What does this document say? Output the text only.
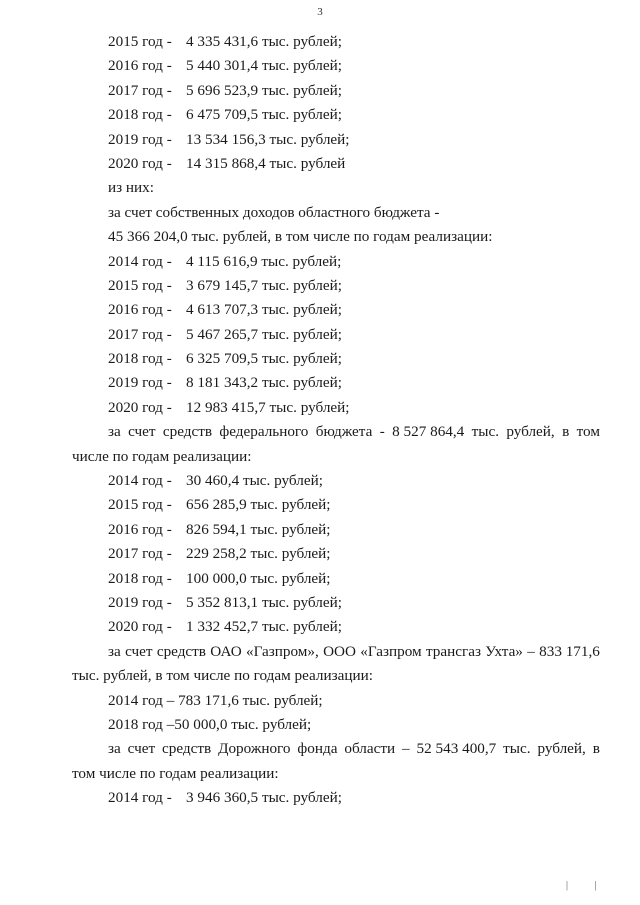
3
2015 год - 4 335 431,6 тыс. рублей;
2016 год - 5 440 301,4 тыс. рублей;
2017 год - 5 696 523,9 тыс. рублей;
2018 год - 6 475 709,5 тыс. рублей;
2019 год - 13 534 156,3 тыс. рублей;
2020 год - 14 315 868,4 тыс. рублей
из них:
за счет собственных доходов областного бюджета -
45 366 204,0 тыс. рублей, в том числе по годам реализации:
2014 год - 4 115 616,9 тыс. рублей;
2015 год - 3 679 145,7 тыс. рублей;
2016 год - 4 613 707,3 тыс. рублей;
2017 год - 5 467 265,7 тыс. рублей;
2018 год - 6 325 709,5 тыс. рублей;
2019 год - 8 181 343,2 тыс. рублей;
2020 год - 12 983 415,7 тыс. рублей;
за счет средств федерального бюджета - 8 527 864,4 тыс. рублей, в том
числе по годам реализации:
2014 год - 30 460,4 тыс. рублей;
2015 год - 656 285,9 тыс. рублей;
2016 год - 826 594,1 тыс. рублей;
2017 год - 229 258,2 тыс. рублей;
2018 год - 100 000,0 тыс. рублей;
2019 год - 5 352 813,1 тыс. рублей;
2020 год - 1 332 452,7 тыс. рублей;
за счет средств ОАО «Газпром», ООО «Газпром трансгаз Ухта» – 833 171,6
тыс. рублей, в том числе по годам реализации:
2014 год – 783 171,6 тыс. рублей;
2018 год –50 000,0 тыс. рублей;
за счет средств Дорожного фонда области – 52 543 400,7 тыс. рублей, в
том числе по годам реализации:
2014 год - 3 946 360,5 тыс. рублей;
| |
